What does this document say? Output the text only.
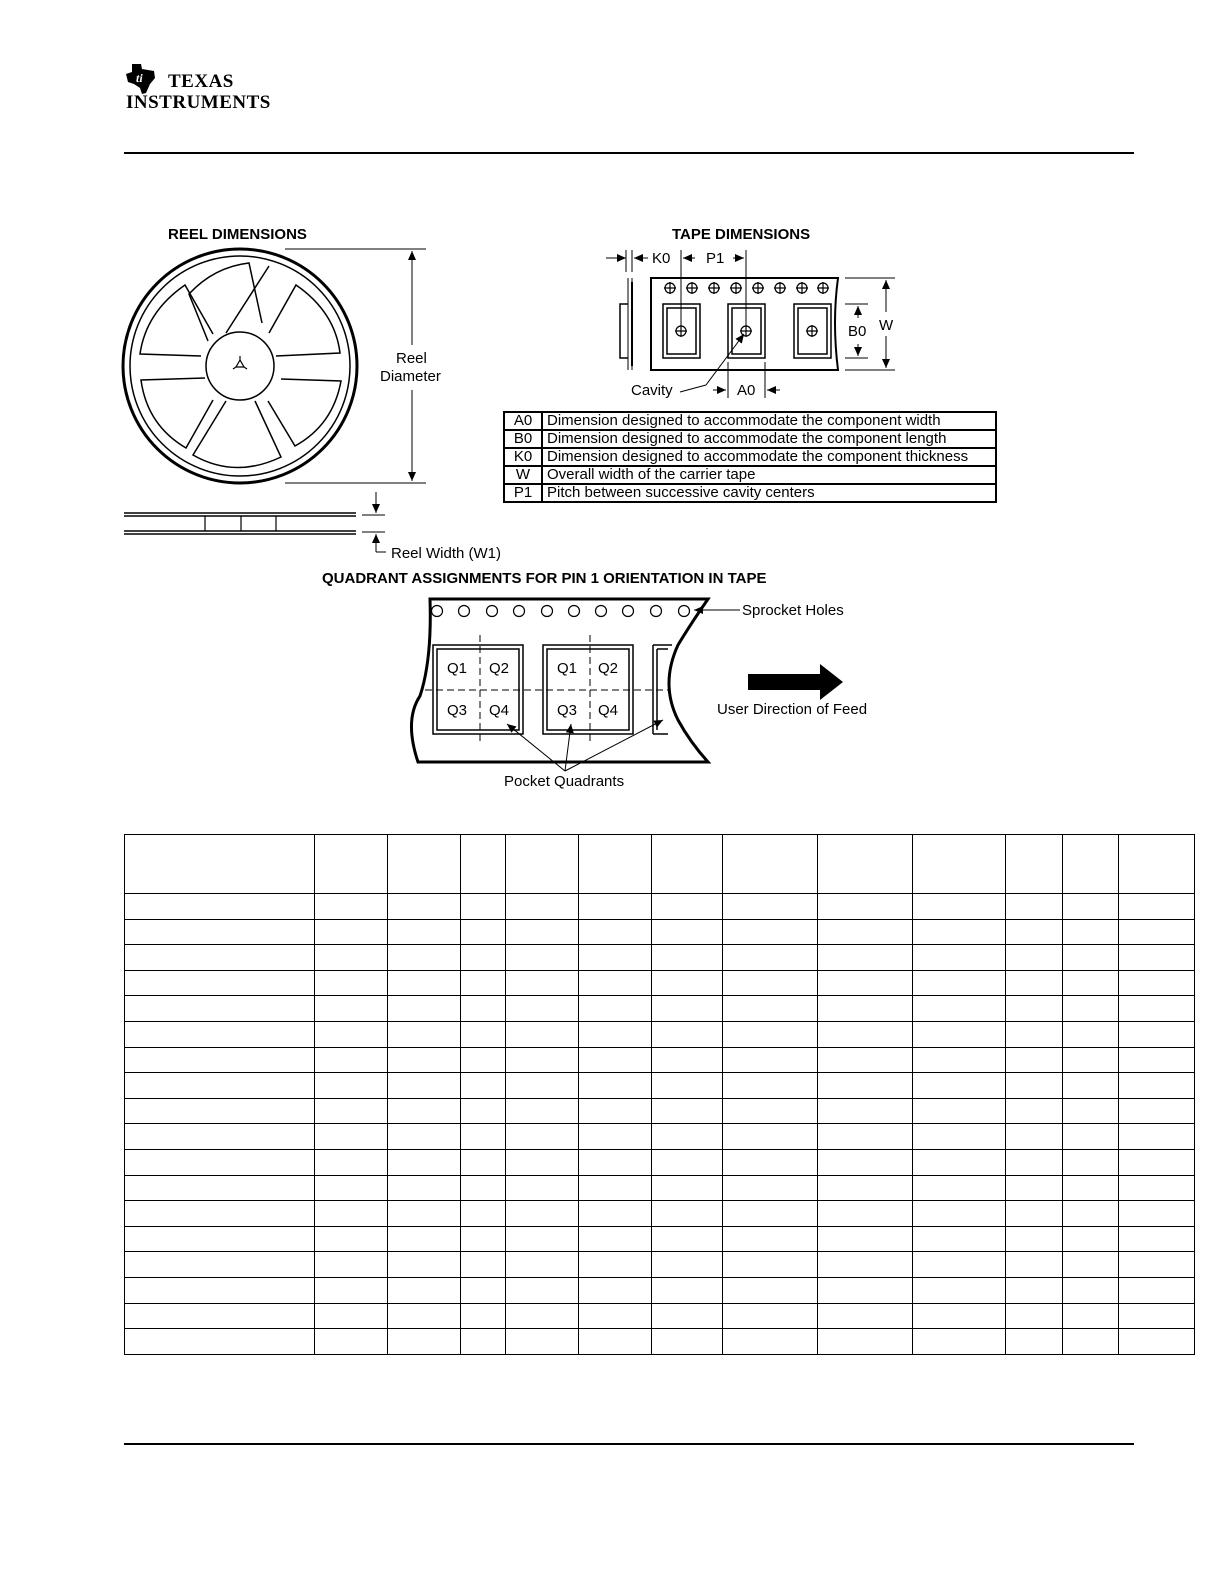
ti TEXAS
INSTRUMENTS
REEL DIMENSIONS
Reel
Diameter
Reel Width (W1)
TAPE DIMENSIONS
K0 P1
B0 W
A0
Cavity
A0	Dimension designed to accommodate the component width
B0	Dimension designed to accommodate the component length
K0	Dimension designed to accommodate the component thickness
W	Overall width of the carrier tape
P1	Pitch between successive cavity centers
QUADRANT ASSIGNMENTS FOR PIN 1 ORIENTATION IN TAPE
Sprocket Holes
User Direction of Feed
Pocket Quadrants
Q1 Q2
Q3 Q4
Q1 Q2
Q3 Q4
